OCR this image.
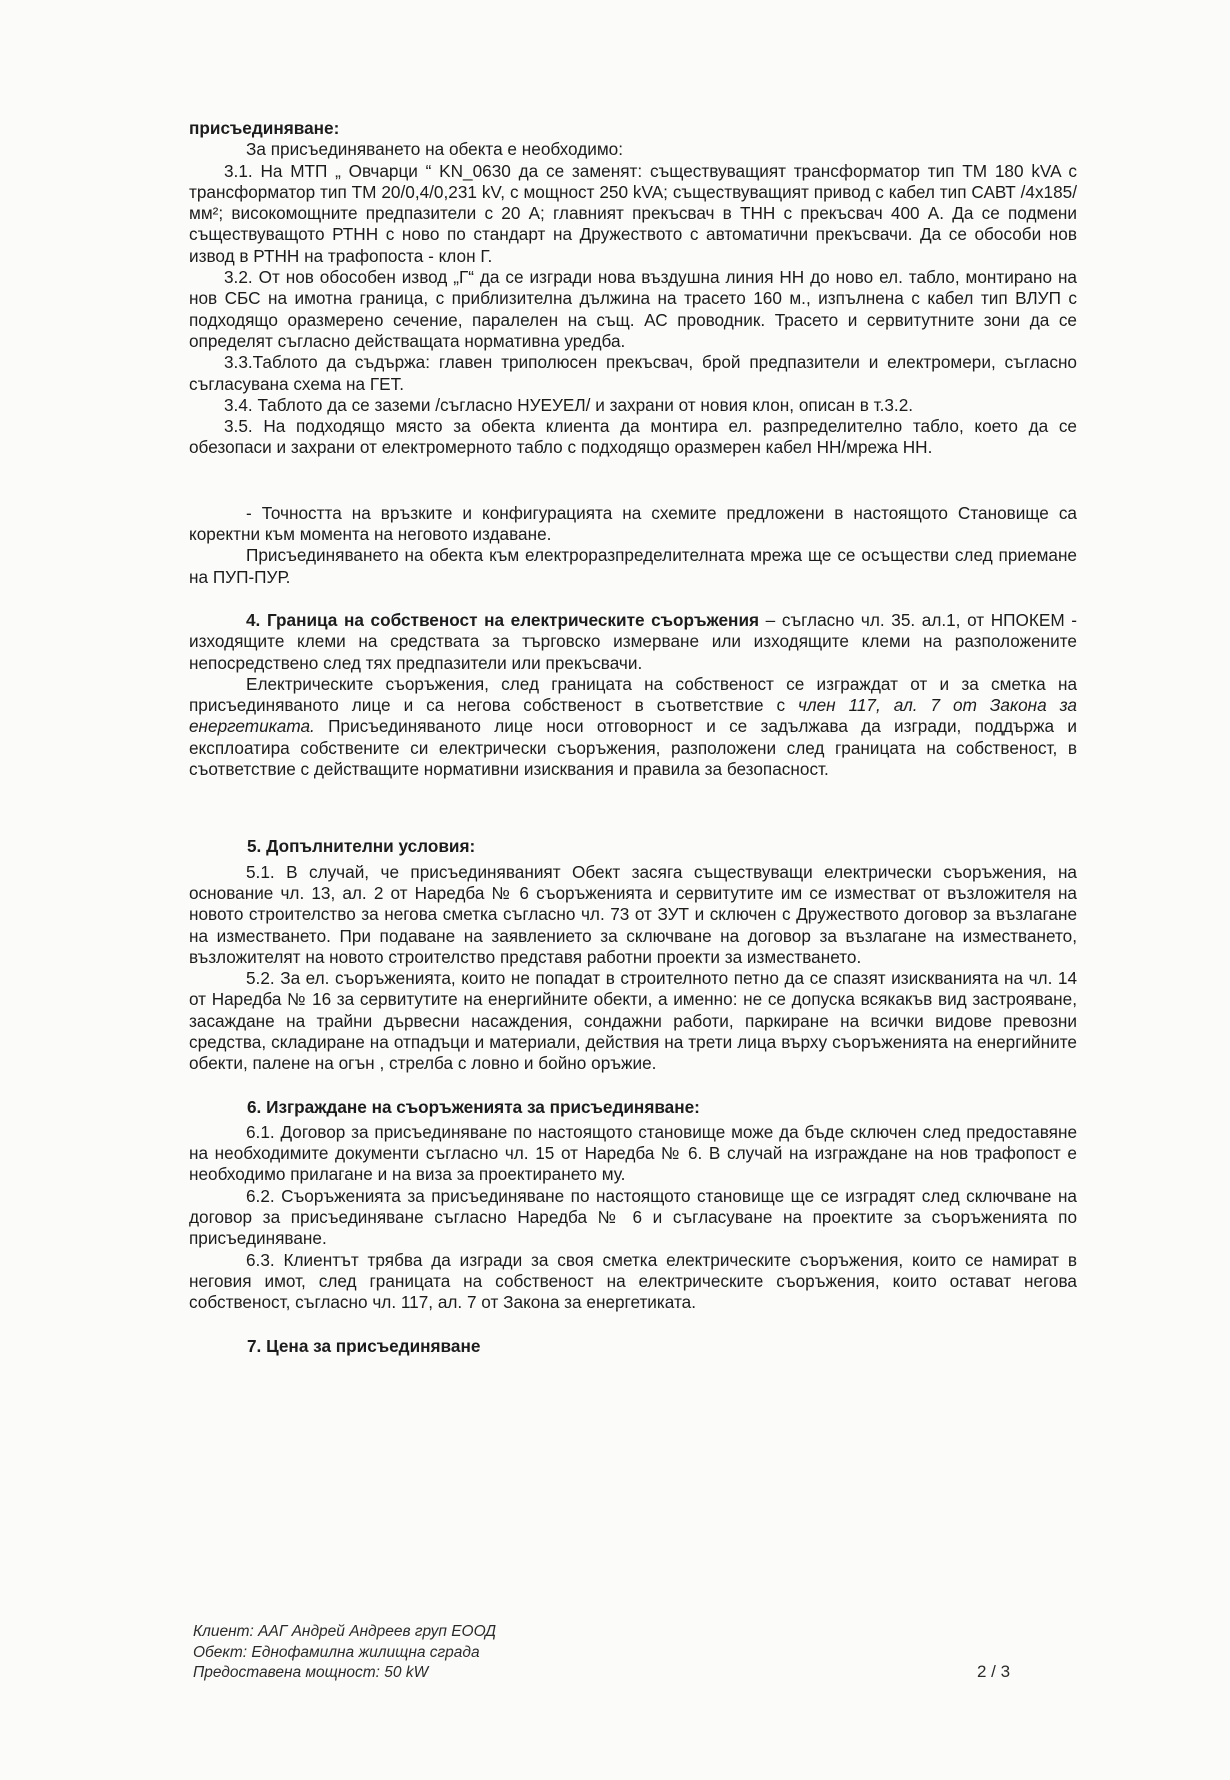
присъединяване:

За присъединяването на обекта е необходимо:

3.1. На МТП „ Овчарци “ KN_0630 да се заменят: съществуващият трансформатор тип ТМ 180 kVA с трансформатор тип ТМ 20/0,4/0,231 kV, с мощност 250 kVA; съществуващият привод с кабел тип САВТ /4x185/ мм²; високомощните предпазители с 20 А; главният прекъсвач в ТНН с прекъсвач 400 А. Да се подмени съществуващото РТНН с ново по стандарт на Дружеството с автоматични прекъсвачи. Да се обособи нов извод в РТНН на трафопоста - клон Г.

3.2. От нов обособен извод „Г“ да се изгради нова въздушна линия НН до ново ел. табло, монтирано на нов СБС на имотна граница, с приблизителна дължина на трасето 160 м., изпълнена с кабел тип ВЛУП с подходящо оразмерено сечение, паралелен на същ. АС проводник. Трасето и сервитутните зони да се определят съгласно действащата нормативна уредба.

3.3.Таблото да съдържа: главен триполюсен прекъсвач, брой предпазители и електромери, съгласно съгласувана схема на ГЕТ.

3.4. Таблото да се заземи /съгласно НУЕУЕЛ/ и захрани от новия клон, описан в т.3.2.

3.5. На подходящо място за обекта клиента да монтира ел. разпределително табло, което да се обезопаси и захрани от електромерното табло с подходящо оразмерен кабел НН/мрежа НН.

- Точността на връзките и конфигурацията на схемите предложени в настоящото Становище са коректни към момента на неговото издаване.

Присъединяването на обекта към електроразпределителната мрежа ще се осъществи след приемане на ПУП-ПУР.

4. Граница на собственост на електрическите съоръжения – съгласно чл. 35. ал.1, от НПОКЕМ - изходящите клеми на средствата за търговско измерване или изходящите клеми на разположените непосредствено след тях предпазители или прекъсвачи.

Електрическите съоръжения, след границата на собственост се изграждат от и за сметка на присъединяваното лице и са негова собственост в съответствие с член 117, ал. 7 от Закона за енергетиката. Присъединяваното лице носи отговорност и се задължава да изгради, поддържа и експлоатира собствените си електрически съоръжения, разположени след границата на собственост, в съответствие с действащите нормативни изисквания и правила за безопасност.

5. Допълнителни условия:

5.1. В случай, че присъединяваният Обект засяга съществуващи електрически съоръжения, на основание чл. 13, ал. 2 от Наредба № 6 съоръженията и сервитутите им се изместват от възложителя на новото строителство за негова сметка съгласно чл. 73 от ЗУТ и сключен с Дружеството договор за възлагане на изместването. При подаване на заявлението за сключване на договор за възлагане на изместването, възложителят на новото строителство представя работни проекти за изместването.

5.2. За ел. съоръженията, които не попадат в строителното петно да се спазят изискванията на чл. 14 от Наредба № 16 за сервитутите на енергийните обекти, а именно: не се допуска всякакъв вид застрояване, засаждане на трайни дървесни насаждения, сондажни работи, паркиране на всички видове превозни средства, складиране на отпадъци и материали, действия на трети лица върху съоръженията на енергийните обекти, палене на огън , стрелба с ловно и бойно оръжие.

6. Изграждане на съоръженията за присъединяване:

6.1. Договор за присъединяване по настоящото становище може да бъде сключен след предоставяне на необходимите документи съгласно чл. 15 от Наредба № 6. В случай на изграждане на нов трафопост е необходимо прилагане и на виза за проектирането му.

6.2. Съоръженията за присъединяване по настоящото становище ще се изградят след сключване на договор за присъединяване съгласно Наредба № 6 и съгласуване на проектите за съоръженията по присъединяване.

6.3. Клиентът трябва да изгради за своя сметка електрическите съоръжения, които се намират в неговия имот, след границата на собственост на електрическите съоръжения, които остават негова собственост, съгласно чл. 117, ал. 7 от Закона за енергетиката.

7. Цена за присъединяване

Клиент: ААГ Андрей Андреев груп ЕООД
Обект: Еднофамилна жилищна сграда
Предоставена мощност: 50 kW	2 / 3
